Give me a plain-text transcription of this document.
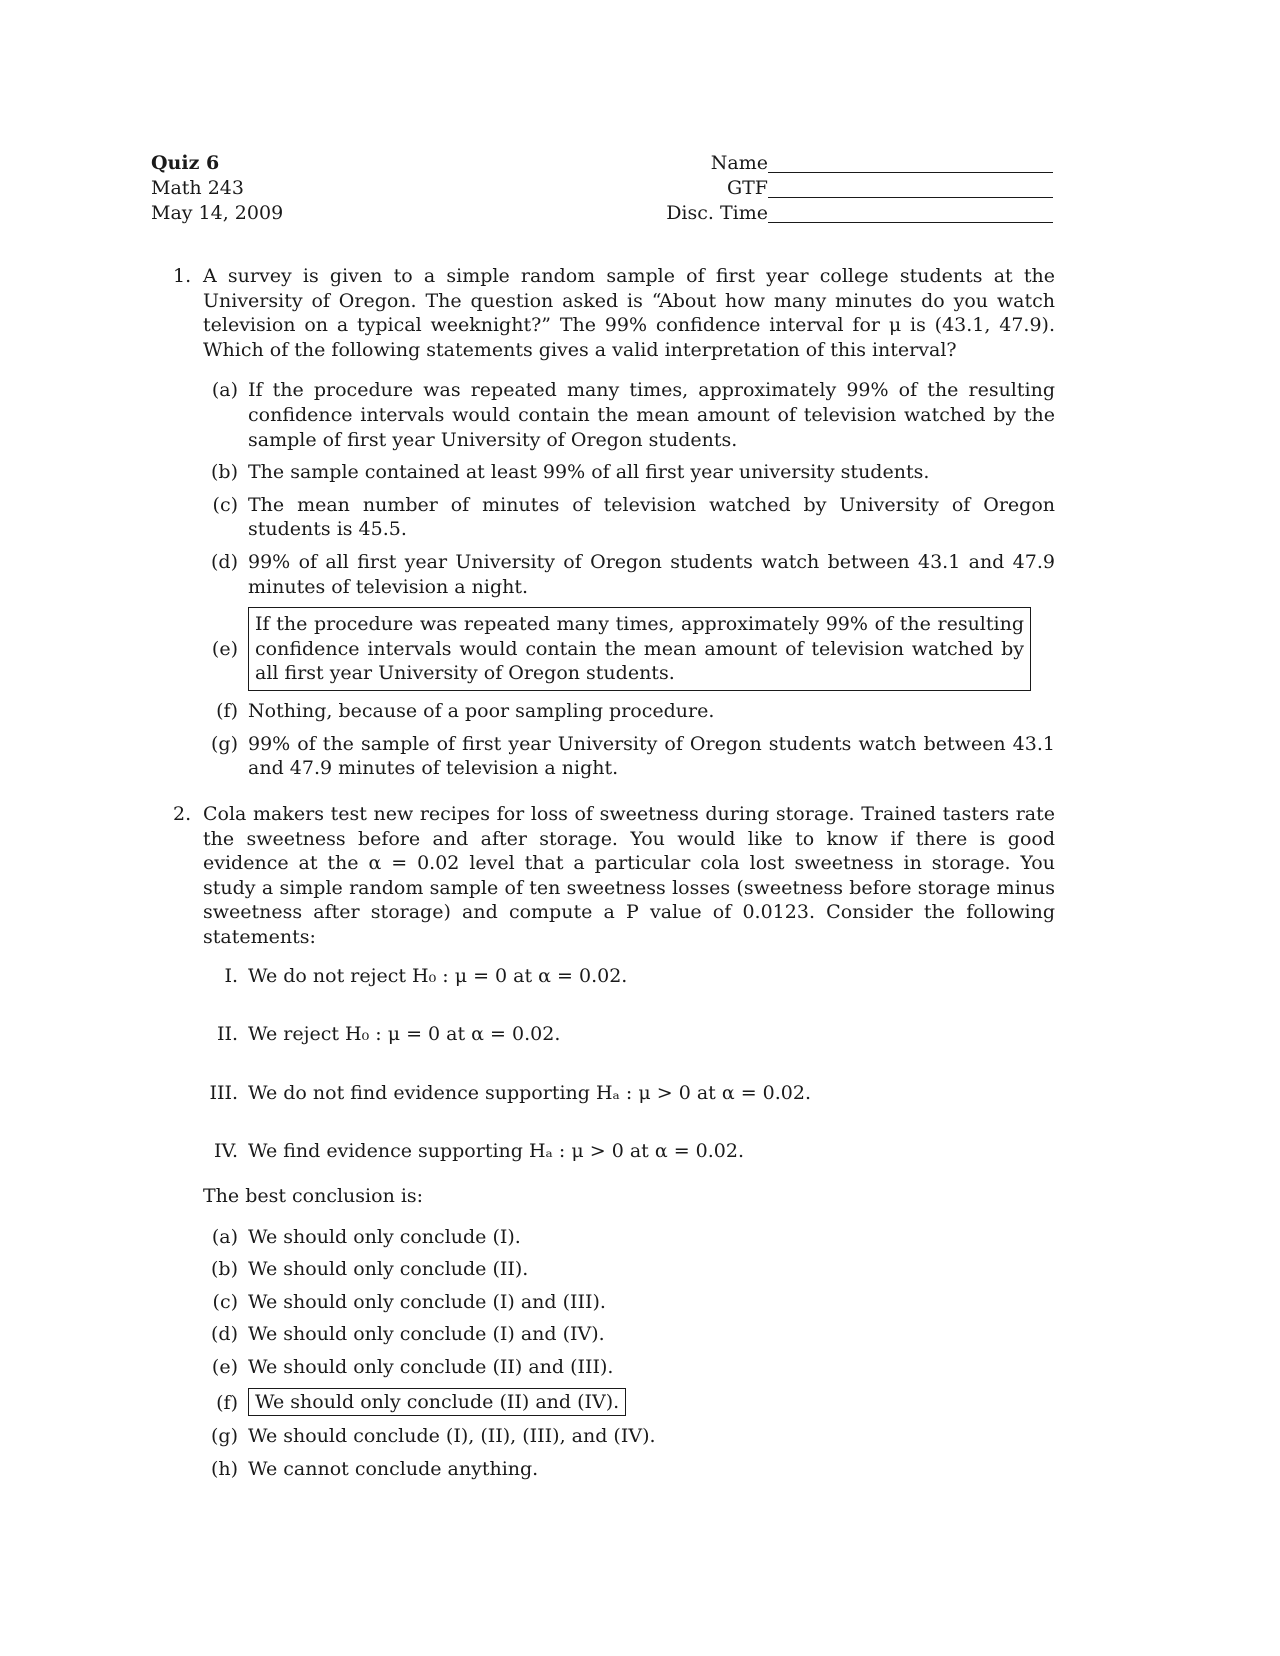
Quiz 6
Math 243
May 14, 2009
Name
GTF
Disc. Time
1. A survey is given to a simple random sample of first year college students at the University of Oregon. The question asked is “About how many minutes do you watch television on a typical weeknight?” The 99% confidence interval for μ is (43.1, 47.9). Which of the following statements gives a valid interpretation of this interval?
(a) If the procedure was repeated many times, approximately 99% of the resulting confidence intervals would contain the mean amount of television watched by the sample of first year University of Oregon students.
(b) The sample contained at least 99% of all first year university students.
(c) The mean number of minutes of television watched by University of Oregon students is 45.5.
(d) 99% of all first year University of Oregon students watch between 43.1 and 47.9 minutes of television a night.
(e)
If the procedure was repeated many times, approximately 99% of the resulting confidence intervals would contain the mean amount of television watched by all first year University of Oregon students.
(f) Nothing, because of a poor sampling procedure.
(g) 99% of the sample of first year University of Oregon students watch between 43.1 and 47.9 minutes of television a night.
2. Cola makers test new recipes for loss of sweetness during storage. Trained tasters rate the sweetness before and after storage. You would like to know if there is good evidence at the α = 0.02 level that a particular cola lost sweetness in storage. You study a simple random sample of ten sweetness losses (sweetness before storage minus sweetness after storage) and compute a P value of 0.0123. Consider the following statements:
I. We do not reject H₀ : μ = 0 at α = 0.02.
II. We reject H₀ : μ = 0 at α = 0.02.
III. We do not find evidence supporting Hₐ : μ > 0 at α = 0.02.
IV. We find evidence supporting Hₐ : μ > 0 at α = 0.02.
The best conclusion is:
(a) We should only conclude (I).
(b) We should only conclude (II).
(c) We should only conclude (I) and (III).
(d) We should only conclude (I) and (IV).
(e) We should only conclude (II) and (III).
(f) We should only conclude (II) and (IV).
(g) We should conclude (I), (II), (III), and (IV).
(h) We cannot conclude anything.
